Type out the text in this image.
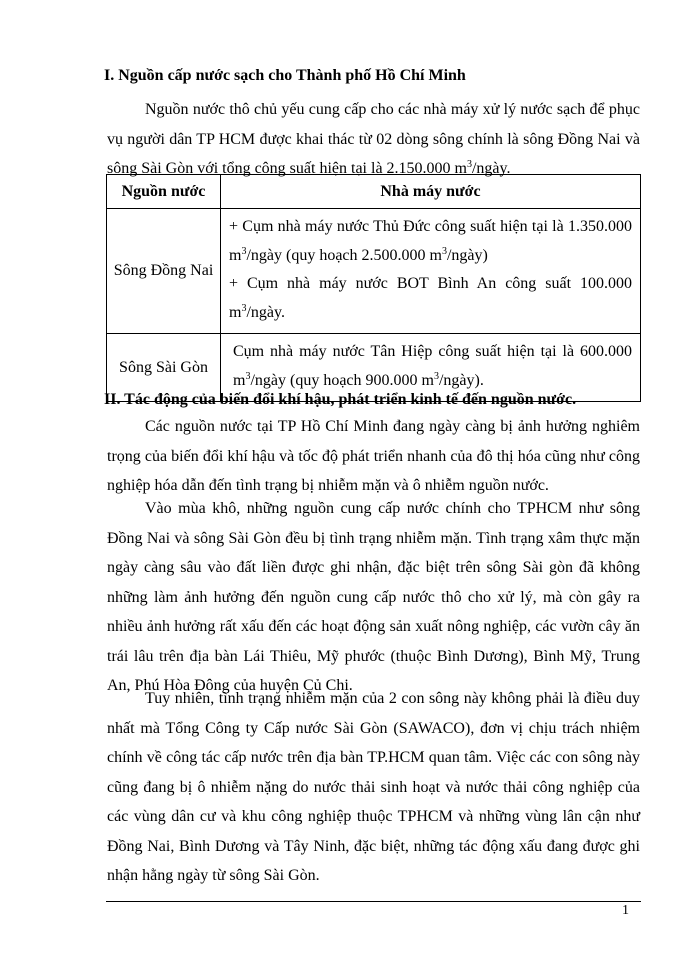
I. Nguồn cấp nước sạch cho Thành phố Hồ Chí Minh

Nguồn nước thô chủ yếu cung cấp cho các nhà máy xử lý nước sạch để phục vụ người dân TP HCM được khai thác từ 02 dòng sông chính là sông Đồng Nai và sông Sài Gòn với tổng công suất hiện tại là 2.150.000 $m^3$/ngày.

Nguồn nước	Nhà máy nước
Sông Đồng Nai	+ Cụm nhà máy nước Thủ Đức công suất hiện tại là 1.350.000 $m^3$/ngày (quy hoạch 2.500.000 $m^3/ngày$)
+ Cụm nhà máy nước BOT Bình An công suất 100.000 $m^3$/ngày.

Sông Sài Gòn	Cụm nhà máy nước Tân Hiệp công suất hiện tại là 600.000 $m^3$/ngày (quy hoạch 900.000 $m^3/ngày$).
II. Tác động của biến đổi khí hậu, phát triển kinh tế đến nguồn nước.

Các nguồn nước tại TP Hồ Chí Minh đang ngày càng bị ảnh hưởng nghiêm trọng của biến đổi khí hậu và tốc độ phát triển nhanh của đô thị hóa cũng như công nghiệp hóa dẫn đến tình trạng bị nhiễm mặn và ô nhiễm nguồn nước.

Vào mùa khô, những nguồn cung cấp nước chính cho TPHCM như sông Đồng Nai và sông Sài Gòn đều bị tình trạng nhiễm mặn. Tình trạng xâm thực mặn ngày càng sâu vào đất liền được ghi nhận, đặc biệt trên sông Sài gòn đã không những làm ảnh hưởng đến nguồn cung cấp nước thô cho xử lý, mà còn gây ra nhiều ảnh hưởng rất xấu đến các hoạt động sản xuất nông nghiệp, các vườn cây ăn trái lâu trên địa bàn Lái Thiêu, Mỹ phước (thuộc Bình Dương), Bình Mỹ, Trung An, Phú Hòa Đông của huyện Củ Chi.

Tuy nhiên, tình trạng nhiễm mặn của 2 con sông này không phải là điều duy nhất mà Tổng Công ty Cấp nước Sài Gòn (SAWACO), đơn vị chịu trách nhiệm chính về công tác cấp nước trên địa bàn TP.HCM quan tâm. Việc các con sông này cũng đang bị ô nhiễm nặng do nước thải sinh hoạt và nước thải công nghiệp của các vùng dân cư và khu công nghiệp thuộc TPHCM và những vùng lân cận như Đồng Nai, Bình Dương và Tây Ninh, đặc biệt, những tác động xấu đang được ghi nhận hằng ngày từ sông Sài Gòn.

1
